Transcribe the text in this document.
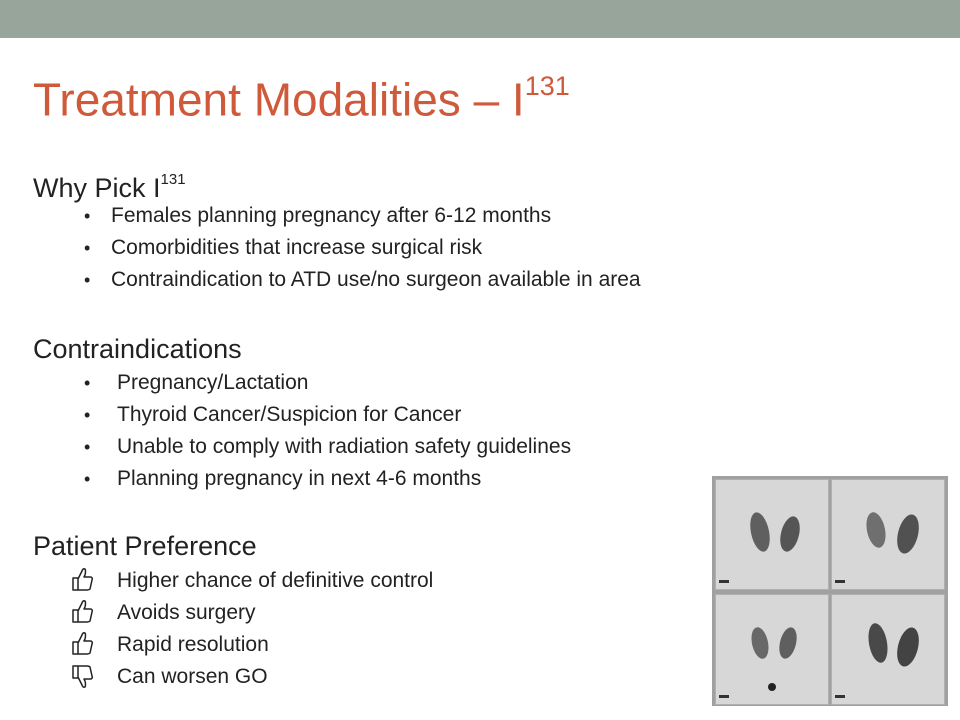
Treatment Modalities – $I^{131}$
Why Pick $I^{131}$
• Females planning pregnancy after 6-12 months
• Comorbidities that increase surgical risk
• Contraindication to ATD use/no surgeon available in area
Contraindications
• Pregnancy/Lactation
• Thyroid Cancer/Suspicion for Cancer
• Unable to comply with radiation safety guidelines
• Planning pregnancy in next 4-6 months
Patient Preference
Higher chance of definitive control
Avoids surgery
Rapid resolution
Can worsen GO
